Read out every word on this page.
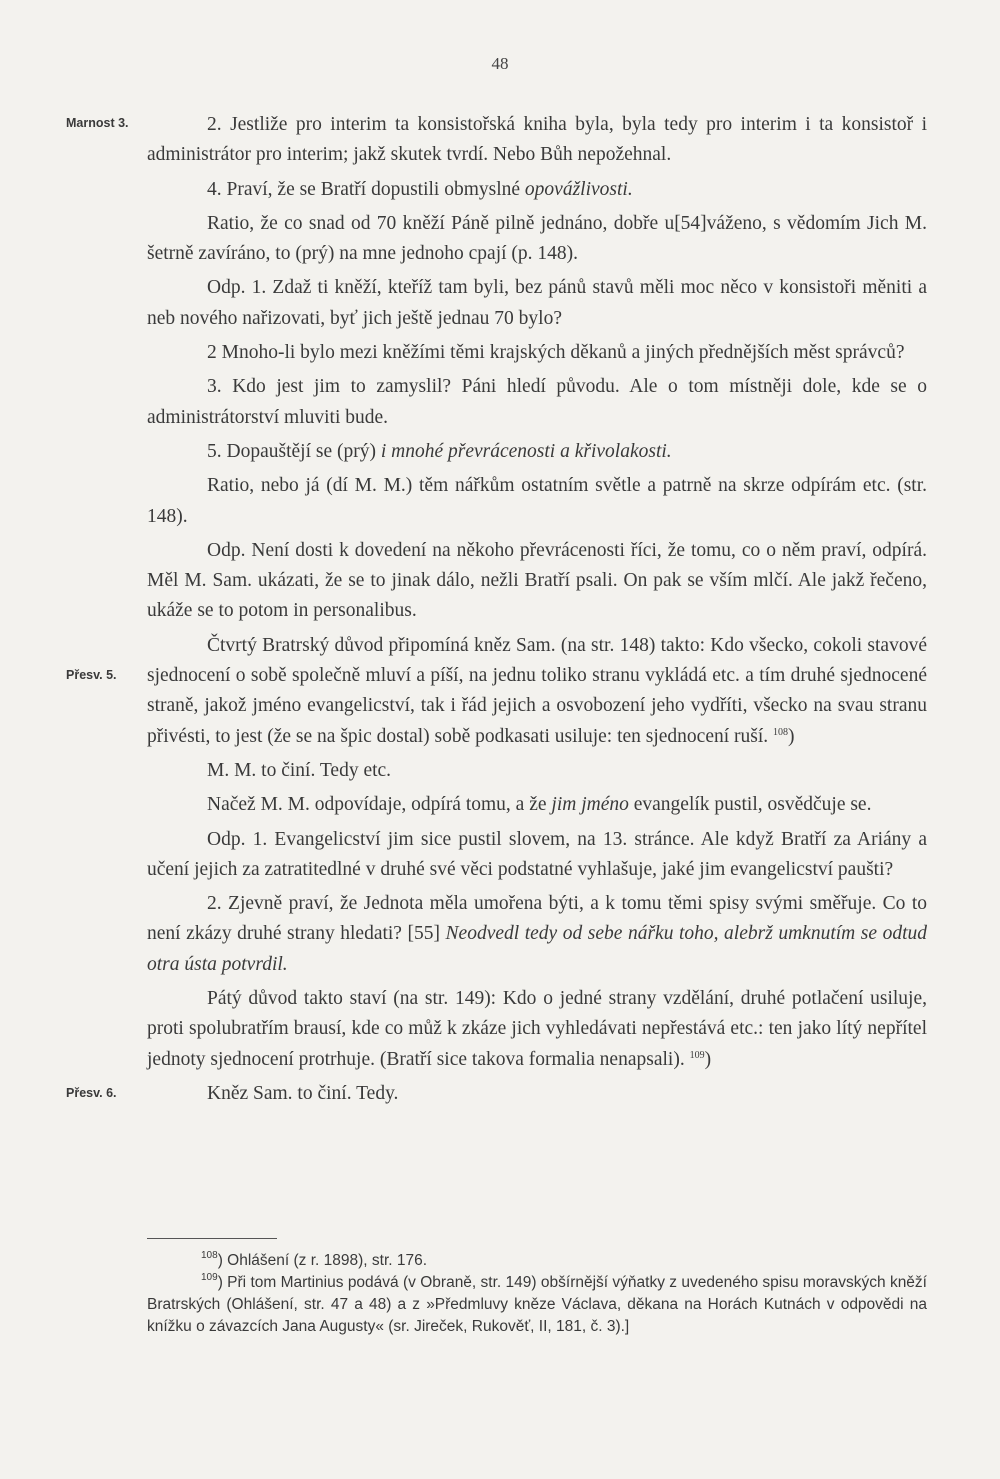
48
Marnost 3.
Přesv. 5.
Přesv. 6.

2. Jestliže pro interim ta konsistořská kniha byla, byla tedy pro interim i ta konsistoř i administrátor pro interim; jakž skutek tvrdí. Nebo Bůh nepožehnal.

4. Praví, že se Bratří dopustili obmyslné opovážlivosti.

Ratio, že co snad od 70 kněží Páně pilně jednáno, dobře u[54]váženo, s vědomím Jich M. šetrně zavíráno, to (prý) na mne jednoho cpají (p. 148).

Odp. 1. Zdaž ti kněží, kteříž tam byli, bez pánů stavů měli moc něco v konsistoři měniti a neb nového nařizovati, byť jich ještě jednau 70 bylo?

2 Mnoho-li bylo mezi kněžími těmi krajských děkanů a jiných přednějších měst správců?

3. Kdo jest jim to zamyslil? Páni hledí původu. Ale o tom místněji dole, kde se o administrátorství mluviti bude.

5. Dopauštějí se (prý) i mnohé převrácenosti a křivolakosti.

Ratio, nebo já (dí M. M.) těm nářkům ostatním světle a patrně na skrze odpírám etc. (str. 148).

Odp. Není dosti k dovedení na někoho převrácenosti říci, že tomu, co o něm praví, odpírá. Měl M. Sam. ukázati, že se to jinak dálo, nežli Bratří psali. On pak se vším mlčí. Ale jakž řečeno, ukáže se to potom in personalibus.

Čtvrtý Bratrský důvod připomíná kněz Sam. (na str. 148) takto: Kdo všecko, cokoli stavové sjednocení o sobě společně mluví a píší, na jednu toliko stranu vykládá etc. a tím druhé sjednocené straně, jakož jméno evangelicství, tak i řád jejich a osvobození jeho vydříti, všecko na svau stranu přivésti, to jest (že se na špic dostal) sobě podkasati usiluje: ten sjednocení ruší. $^{108}$)

M. M. to činí. Tedy etc.

Načež M. M. odpovídaje, odpírá tomu, a že jim jméno evangelík pustil, osvědčuje se.

Odp. 1. Evangelicství jim sice pustil slovem, na 13. stránce. Ale když Bratří za Ariány a učení jejich za zatratitedlné v druhé své věci podstatné vyhlašuje, jaké jim evangelicství paušti?

2. Zjevně praví, že Jednota měla umořena býti, a k tomu těmi spisy svými směřuje. Co to není zkázy druhé strany hledati? [55] Neodvedl tedy od sebe nářku toho, alebrž umknutím se odtud otra ústa potvrdil.

Pátý důvod takto staví (na str. 149): Kdo o jedné strany vzdělání, druhé potlačení usiluje, proti spolubratřím brausí, kde co můž k zkáze jich vyhledávati nepřestává etc.: ten jako lítý nepřítel jednoty sjednocení protrhuje. (Bratří sice takova formalia nenapsali). $^{109}$)

Kněz Sam. to činí. Tedy.

$^{108}$) Ohlášení (z r. 1898), str. 176.

$^{109}$) Při tom Martinius podává (v Obraně, str. 149) obšírnější výňatky z uvedeného spisu moravských kněží Bratrských (Ohlášení, str. 47 a 48) a z »Předmluvy kněze Václava, děkana na Horách Kutnách v odpovědi na knížku o závazcích Jana Augusty« (sr. Jireček, Rukověť, II, 181, č. 3).]
